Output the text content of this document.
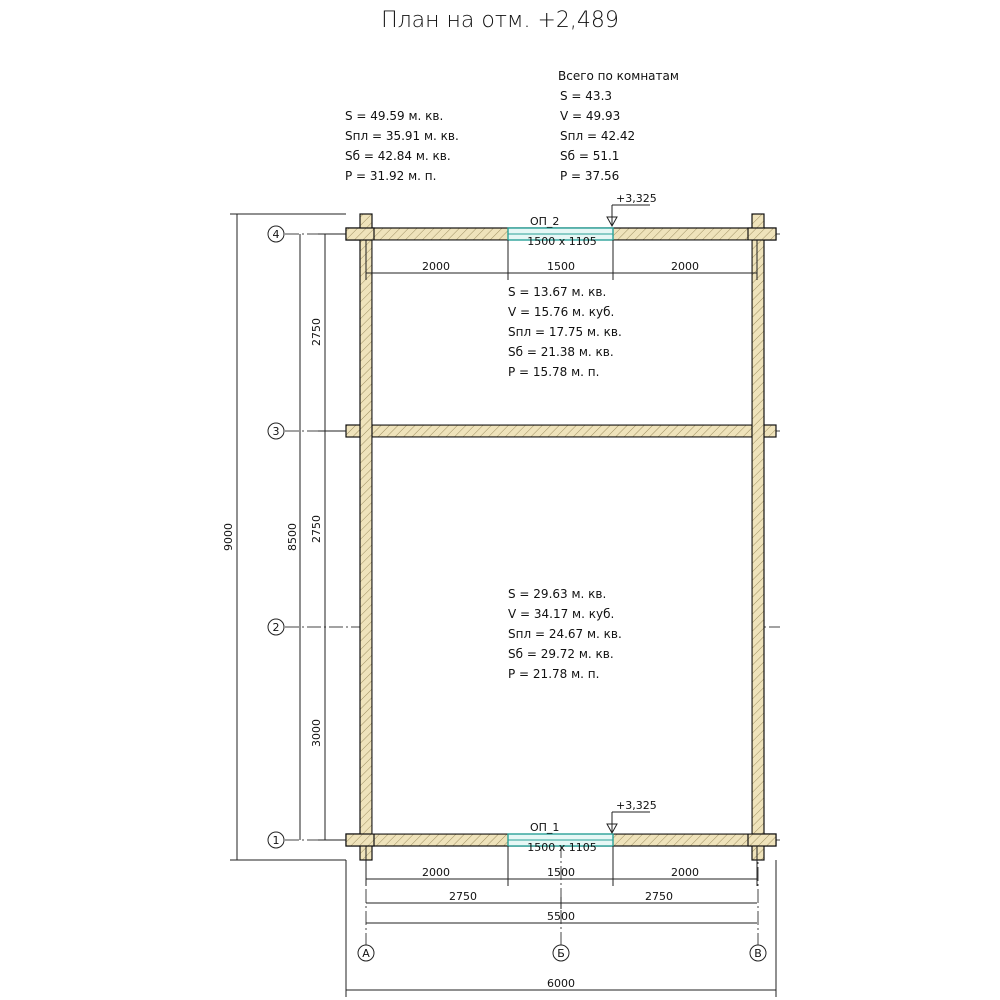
План на отм. +2,489
S = 49.59 м. кв.
Sпл = 35.91 м. кв.
Sб = 42.84 м. кв.
P = 31.92 м. п.
Всего по комнатам
S = 43.3
V = 49.93
Sпл = 42.42
Sб = 51.1
P = 37.56
ОП_2
1500 x 1105
+3,325
ОП_1
1500 x 1105
+3,325
2000	1500	2000
S = 13.67 м. кв.
V = 15.76 м. куб.
Sпл = 17.75 м. кв.
Sб = 21.38 м. кв.
P = 15.78 м. п.
S = 29.63 м. кв.
V = 34.17 м. куб.
Sпл = 24.67 м. кв.
Sб = 29.72 м. кв.
P = 21.78 м. п.
2000	1500	2000
2750	2750
5500
6000
2750
2750
3000
8500
9000
4
3
2
1
А	Б	В
